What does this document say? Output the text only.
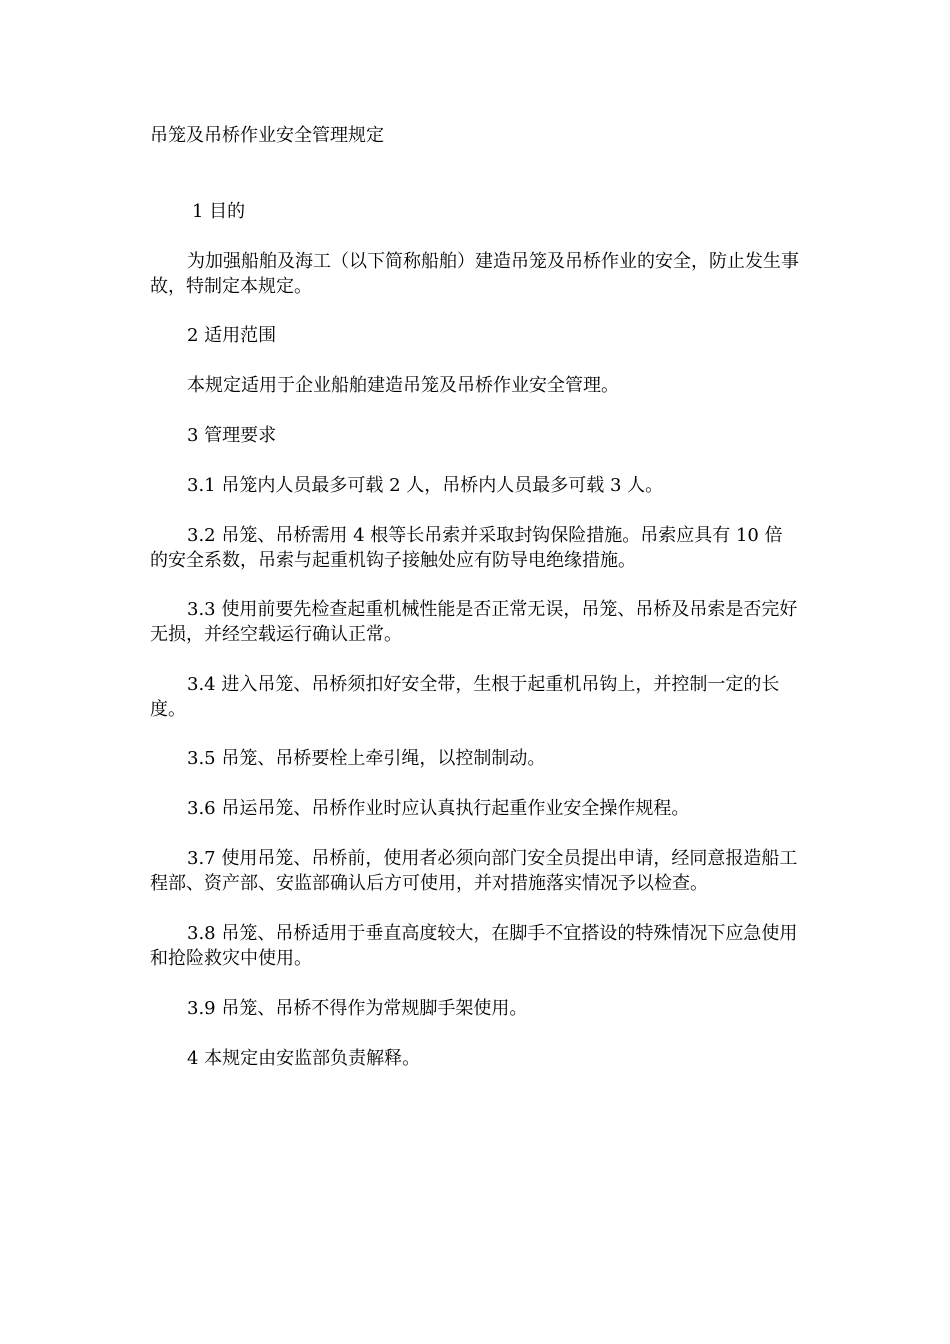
吊笼及吊桥作业安全管理规定
1 目的
为加强船舶及海工（以下简称船舶）建造吊笼及吊桥作业的安全，防止发生事故，特制定本规定。
2 适用范围
本规定适用于企业船舶建造吊笼及吊桥作业安全管理。
3 管理要求
3.1 吊笼内人员最多可载 2 人，吊桥内人员最多可载 3 人。
3.2 吊笼、吊桥需用 4 根等长吊索并采取封钩保险措施。吊索应具有 10 倍的安全系数，吊索与起重机钩子接触处应有防导电绝缘措施。
3.3 使用前要先检查起重机械性能是否正常无误，吊笼、吊桥及吊索是否完好无损，并经空载运行确认正常。
3.4 进入吊笼、吊桥须扣好安全带，生根于起重机吊钩上，并控制一定的长度。
3.5 吊笼、吊桥要栓上牵引绳，以控制制动。
3.6 吊运吊笼、吊桥作业时应认真执行起重作业安全操作规程。
3.7 使用吊笼、吊桥前，使用者必须向部门安全员提出申请，经同意报造船工程部、资产部、安监部确认后方可使用，并对措施落实情况予以检查。
3.8 吊笼、吊桥适用于垂直高度较大，在脚手不宜搭设的特殊情况下应急使用和抢险救灾中使用。
3.9 吊笼、吊桥不得作为常规脚手架使用。
4 本规定由安监部负责解释。
